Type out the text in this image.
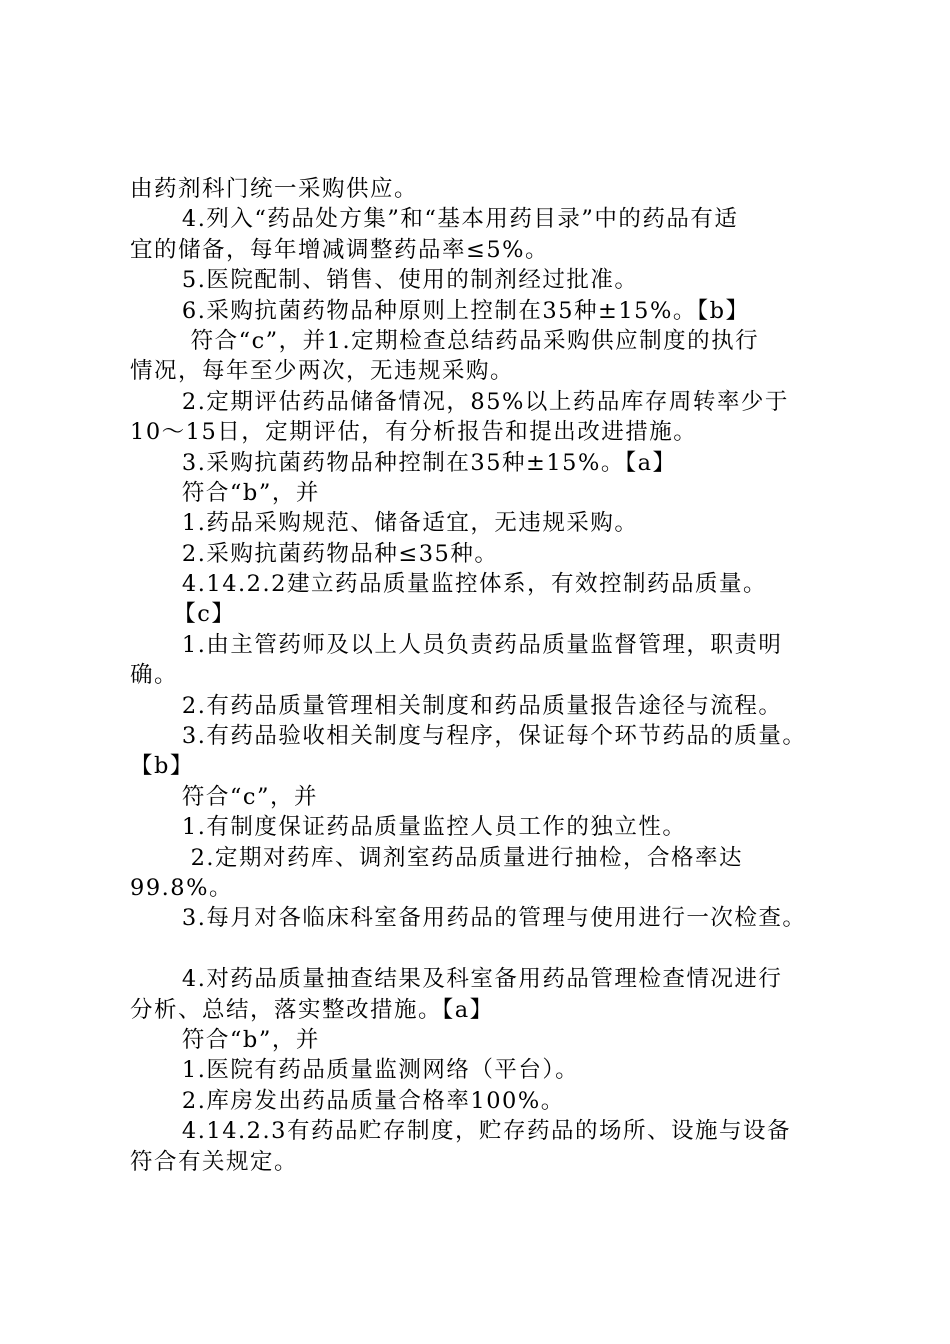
由药剂科门统一采购供应。
4.列入“药品处方集”和“基本用药目录”中的药品有适
宜的储备，每年增减调整药品率≤5%。
5.医院配制、销售、使用的制剂经过批准。
6.采购抗菌药物品种原则上控制在35种±15%。【b】
符合“c”，并1.定期检查总结药品采购供应制度的执行
情况，每年至少两次，无违规采购。
2.定期评估药品储备情况，85%以上药品库存周转率少于
10～15日，定期评估，有分析报告和提出改进措施。
3.采购抗菌药物品种控制在35种±15%。【a】
符合“b”，并
1.药品采购规范、储备适宜，无违规采购。
2.采购抗菌药物品种≤35种。
4.14.2.2建立药品质量监控体系，有效控制药品质量。
【c】
1.由主管药师及以上人员负责药品质量监督管理，职责明
确。
2.有药品质量管理相关制度和药品质量报告途径与流程。
3.有药品验收相关制度与程序，保证每个环节药品的质量。
【b】
符合“c”，并
1.有制度保证药品质量监控人员工作的独立性。
2.定期对药库、调剂室药品质量进行抽检，合格率达
99.8%。
3.每月对各临床科室备用药品的管理与使用进行一次检查。
4.对药品质量抽查结果及科室备用药品管理检查情况进行
分析、总结，落实整改措施。【a】
符合“b”，并
1.医院有药品质量监测网络（平台）。
2.库房发出药品质量合格率100%。
4.14.2.3有药品贮存制度，贮存药品的场所、设施与设备
符合有关规定。
